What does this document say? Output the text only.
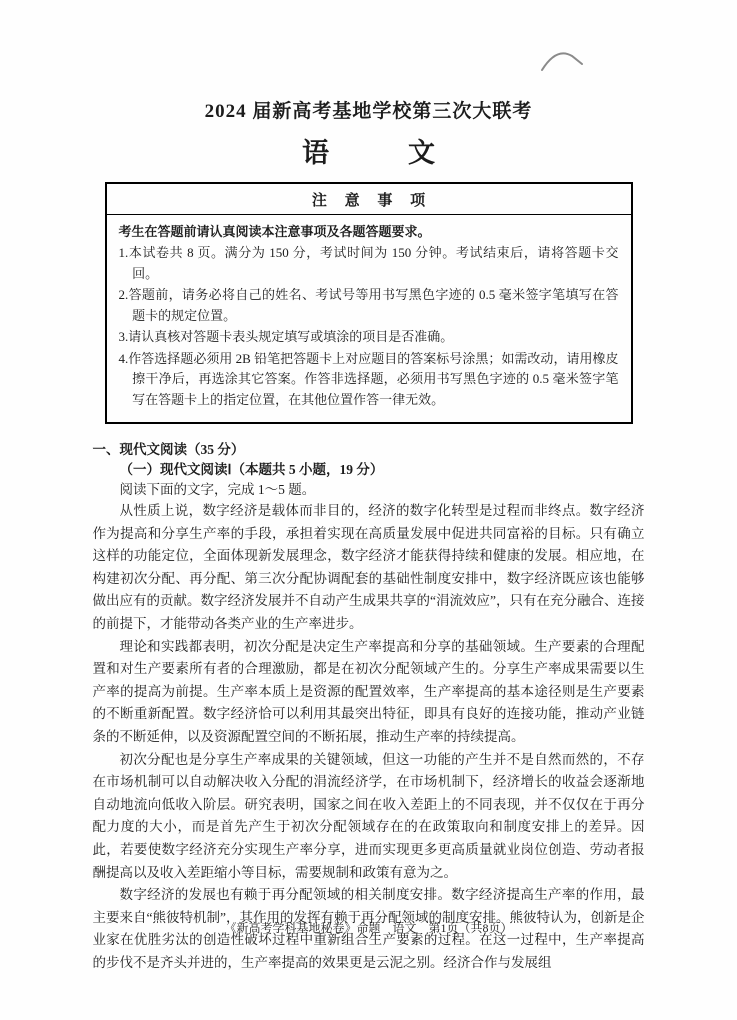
2024 届新高考基地学校第三次大联考
语　文
注 意 事 项
考生在答题前请认真阅读本注意事项及各题答题要求。
1.本试卷共 8 页。满分为 150 分，考试时间为 150 分钟。考试结束后，请将答题卡交回。
2.答题前，请务必将自己的姓名、考试号等用书写黑色字迹的 0.5 毫米签字笔填写在答题卡的规定位置。
3.请认真核对答题卡表头规定填写或填涂的项目是否准确。
4.作答选择题必须用 2B 铅笔把答题卡上对应题目的答案标号涂黑；如需改动，请用橡皮擦干净后，再选涂其它答案。作答非选择题，必须用书写黑色字迹的 0.5 毫米签字笔写在答题卡上的指定位置，在其他位置作答一律无效。
一、现代文阅读（35 分）
（一）现代文阅读Ⅰ（本题共 5 小题，19 分）
阅读下面的文字，完成 1～5 题。

从性质上说，数字经济是载体而非目的，经济的数字化转型是过程而非终点。数字经济作为提高和分享生产率的手段，承担着实现在高质量发展中促进共同富裕的目标。只有确立这样的功能定位，全面体现新发展理念，数字经济才能获得持续和健康的发展。相应地，在构建初次分配、再分配、第三次分配协调配套的基础性制度安排中，数字经济既应该也能够做出应有的贡献。数字经济发展并不自动产生成果共享的“涓流效应”，只有在充分融合、连接的前提下，才能带动各类产业的生产率进步。

理论和实践都表明，初次分配是决定生产率提高和分享的基础领域。生产要素的合理配置和对生产要素所有者的合理激励，都是在初次分配领域产生的。分享生产率成果需要以生产率的提高为前提。生产率本质上是资源的配置效率，生产率提高的基本途径则是生产要素的不断重新配置。数字经济恰可以利用其最突出特征，即具有良好的连接功能，推动产业链条的不断延伸，以及资源配置空间的不断拓展，推动生产率的持续提高。

初次分配也是分享生产率成果的关键领域，但这一功能的产生并不是自然而然的，不存在市场机制可以自动解决收入分配的涓流经济学，在市场机制下，经济增长的收益会逐渐地自动地流向低收入阶层。研究表明，国家之间在收入差距上的不同表现，并不仅仅在于再分配力度的大小，而是首先产生于初次分配领域存在的在政策取向和制度安排上的差异。因此，若要使数字经济充分实现生产率分享，进而实现更多更高质量就业岗位创造、劳动者报酬提高以及收入差距缩小等目标，需要规制和政策有意为之。

数字经济的发展也有赖于再分配领域的相关制度安排。数字经济提高生产率的作用，最主要来自“熊彼特机制”，其作用的发挥有赖于再分配领域的制度安排。熊彼特认为，创新是企业家在优胜劣汰的创造性破坏过程中重新组合生产要素的过程。在这一过程中，生产率提高的步伐不是齐头并进的，生产率提高的效果更是云泥之别。经济合作与发展组

《新高考学科基地秘卷》命题　语文　第1页（共8页）
